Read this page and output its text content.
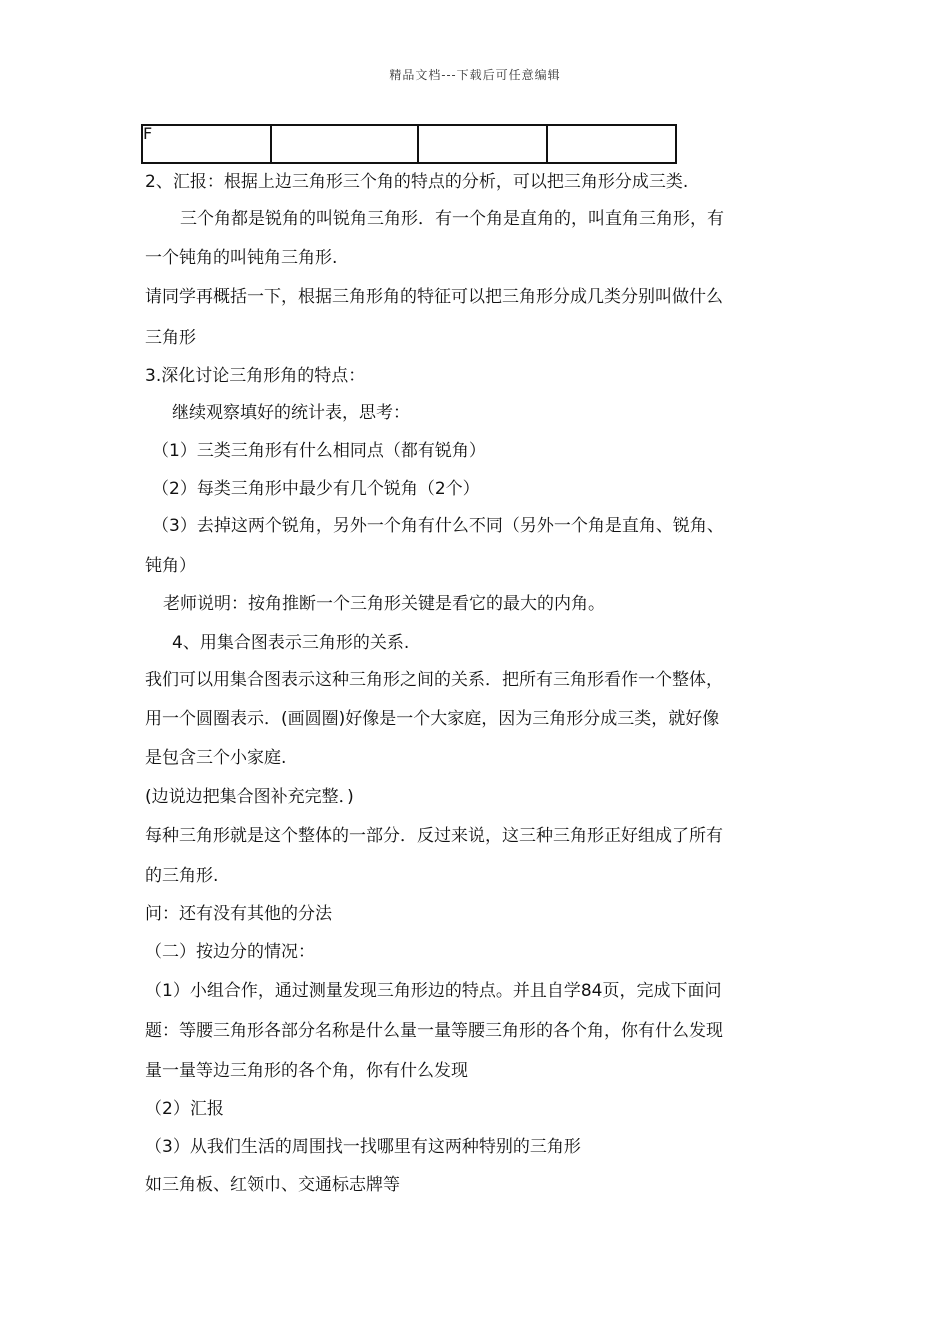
精品文档---下载后可任意编辑
F			
2、汇报：根据上边三角形三个角的特点的分析，可以把三角形分成三类.
三个角都是锐角的叫锐角三角形．有一个角是直角的，叫直角三角形，有
一个钝角的叫钝角三角形.
请同学再概括一下，根据三角形角的特征可以把三角形分成几类分别叫做什么
三角形
3.深化讨论三角形角的特点：
继续观察填好的统计表，思考：
（1）三类三角形有什么相同点（都有锐角）
（2）每类三角形中最少有几个锐角（2个）
（3）去掉这两个锐角，另外一个角有什么不同（另外一个角是直角、锐角、
钝角）
老师说明：按角推断一个三角形关键是看它的最大的内角。
4、用集合图表示三角形的关系.
我们可以用集合图表示这种三角形之间的关系．把所有三角形看作一个整体，
用一个圆圈表示．(画圆圈)好像是一个大家庭，因为三角形分成三类，就好像
是包含三个小家庭.
(边说边把集合图补充完整．)
每种三角形就是这个整体的一部分．反过来说，这三种三角形正好组成了所有
的三角形.
问：还有没有其他的分法
（二）按边分的情况：
（1）小组合作，通过测量发现三角形边的特点。并且自学84页，完成下面问
题：等腰三角形各部分名称是什么量一量等腰三角形的各个角，你有什么发现
量一量等边三角形的各个角，你有什么发现
（2）汇报
（3）从我们生活的周围找一找哪里有这两种特别的三角形
如三角板、红领巾、交通标志牌等
